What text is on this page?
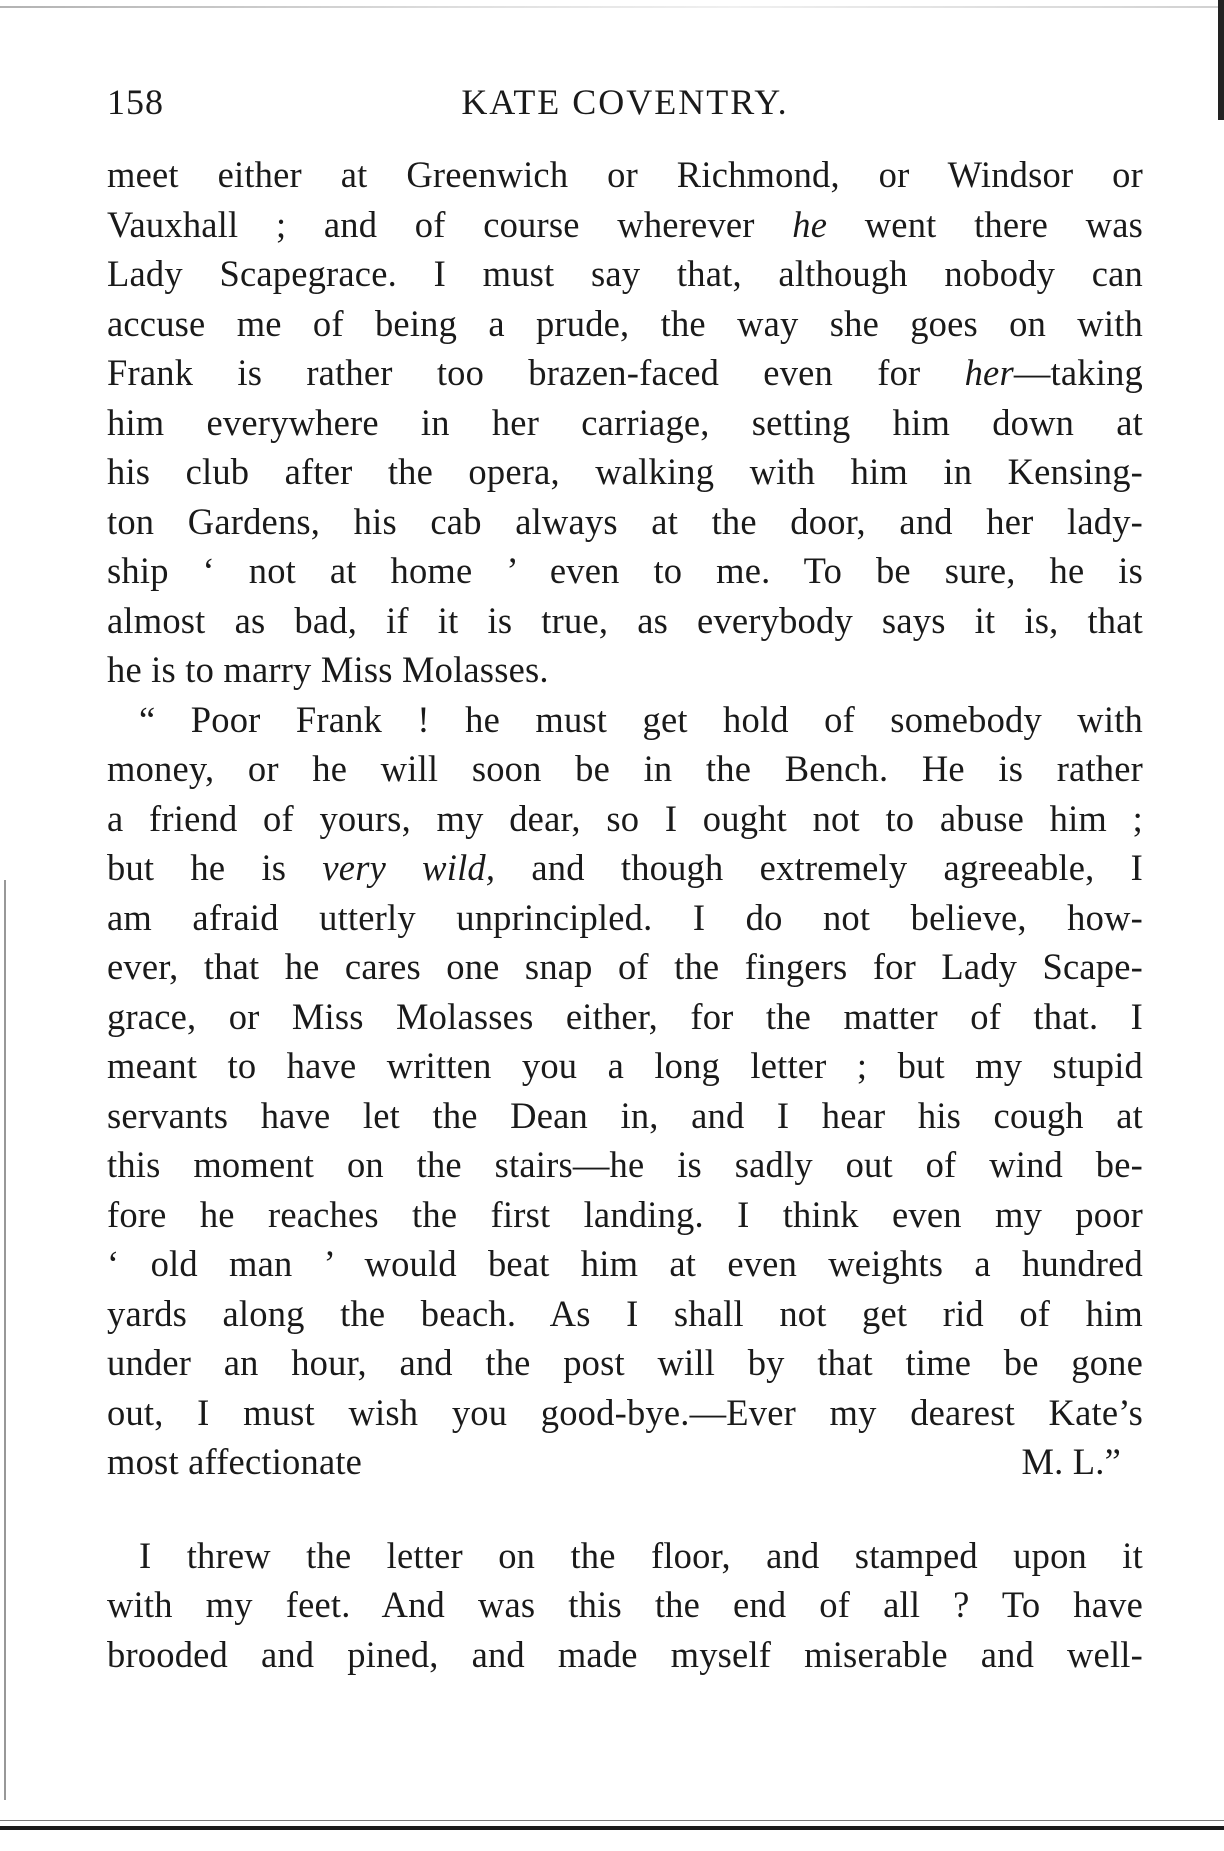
158	KATE COVENTRY.
meet either at Greenwich or Richmond, or Windsor or
Vauxhall ; and of course wherever he went there was
Lady Scapegrace. I must say that, although nobody can
accuse me of being a prude, the way she goes on with
Frank is rather too brazen-faced even for her—taking
him everywhere in her carriage, setting him down at
his club after the opera, walking with him in Kensing-
ton Gardens, his cab always at the door, and her lady-
ship ‘ not at home ’ even to me. To be sure, he is
almost as bad, if it is true, as everybody says it is, that
he is to marry Miss Molasses.
“ Poor Frank ! he must get hold of somebody with
money, or he will soon be in the Bench. He is rather
a friend of yours, my dear, so I ought not to abuse him ;
but he is very wild, and though extremely agreeable, I
am afraid utterly unprincipled. I do not believe, how-
ever, that he cares one snap of the fingers for Lady Scape-
grace, or Miss Molasses either, for the matter of that. I
meant to have written you a long letter ; but my stupid
servants have let the Dean in, and I hear his cough at
this moment on the stairs—he is sadly out of wind be-
fore he reaches the first landing. I think even my poor
‘ old man ’ would beat him at even weights a hundred
yards along the beach. As I shall not get rid of him
under an hour, and the post will by that time be gone
out, I must wish you good-bye.—Ever my dearest Kate’s
most affectionate	M. L.”
I threw the letter on the floor, and stamped upon it
with my feet. And was this the end of all ? To have
brooded and pined, and made myself miserable and well-
